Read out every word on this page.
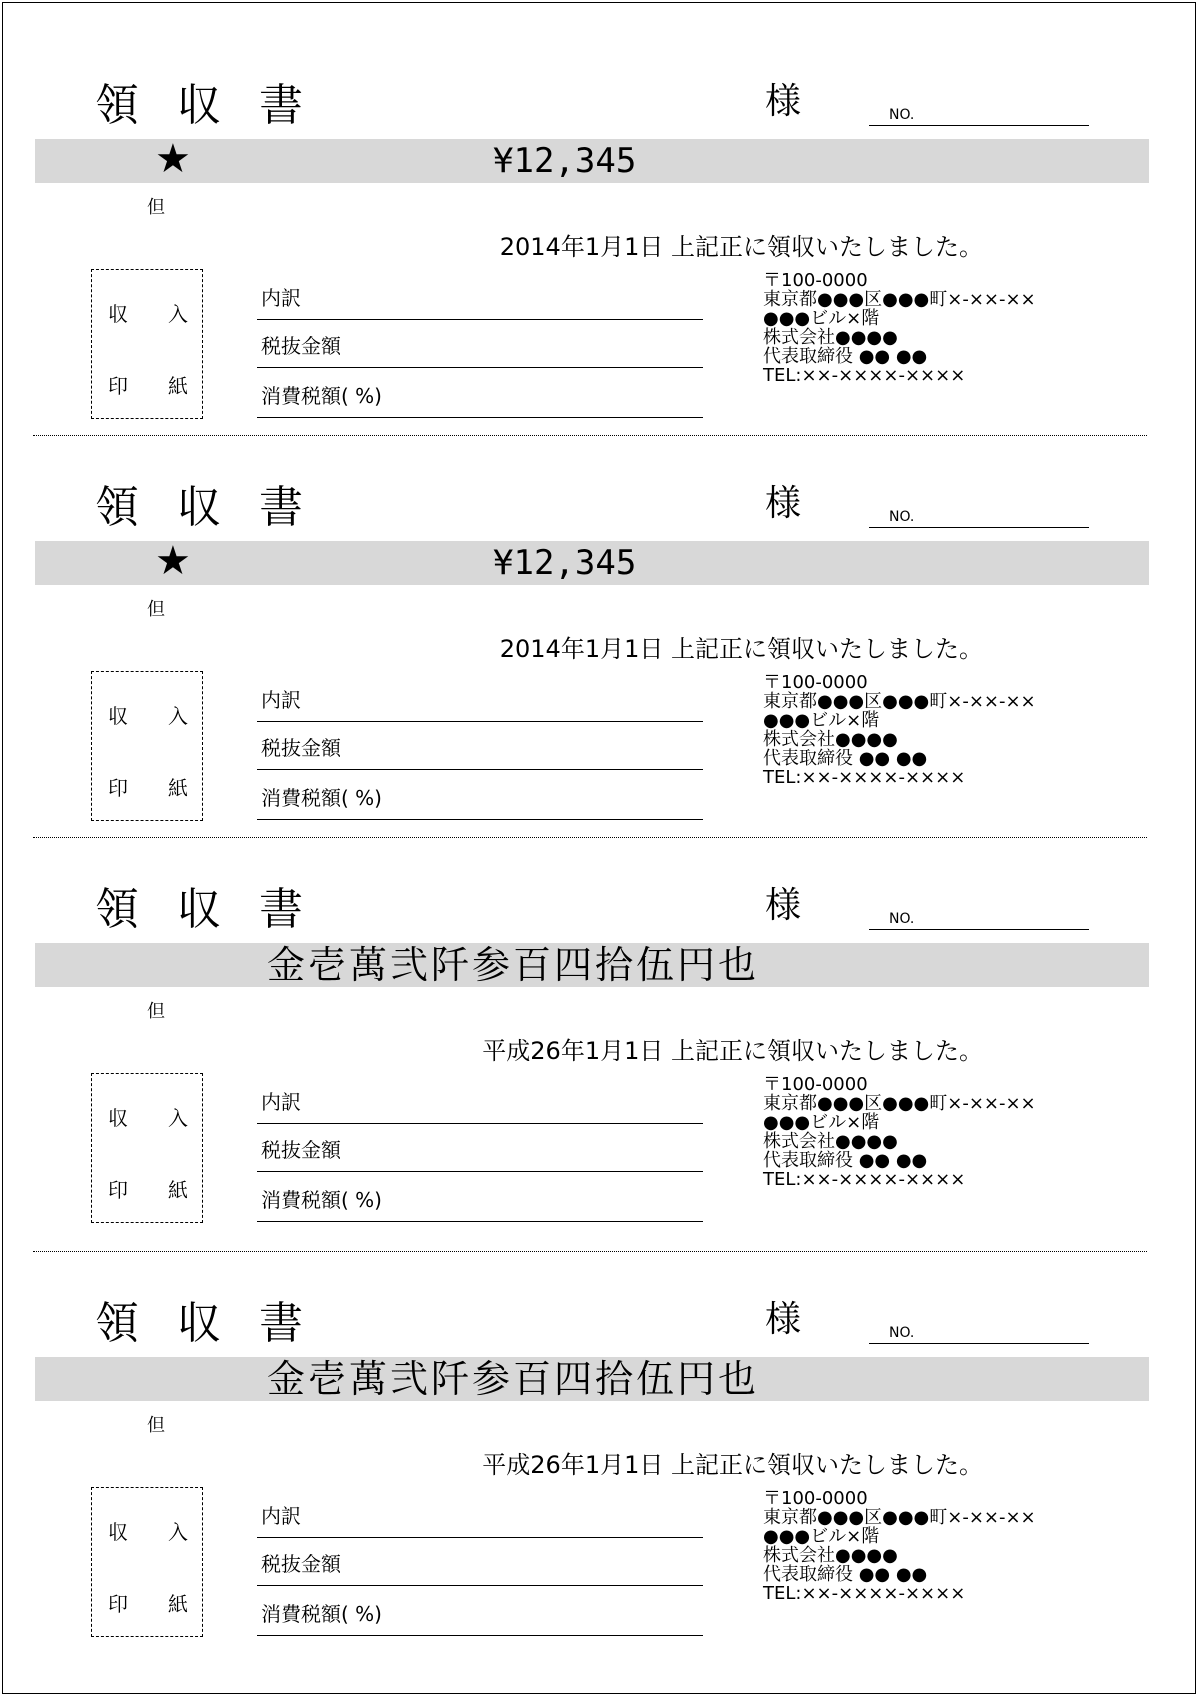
領 収 書	様	NO.
★	¥12,345
但
2014年1月1日 上記正に領収いたしました。
収 入
印 紙
内訳
税抜金額
消費税額( %)
〒100-0000
東京都●●●区●●●町×-××-××
●●●ビル×階
株式会社●●●●
代表取締役 ●● ●●
TEL:××-××××-××××
領 収 書	様	NO.
★	¥12,345
但
2014年1月1日 上記正に領収いたしました。
収 入
印 紙
内訳
税抜金額
消費税額( %)
〒100-0000
東京都●●●区●●●町×-××-××
●●●ビル×階
株式会社●●●●
代表取締役 ●● ●●
TEL:××-××××-××××
領 収 書	様	NO.
金壱萬弐阡参百四拾伍円也
但
平成26年1月1日 上記正に領収いたしました。
収 入
印 紙
内訳
税抜金額
消費税額( %)
〒100-0000
東京都●●●区●●●町×-××-××
●●●ビル×階
株式会社●●●●
代表取締役 ●● ●●
TEL:××-××××-××××
領 収 書	様	NO.
金壱萬弐阡参百四拾伍円也
但
平成26年1月1日 上記正に領収いたしました。
収 入
印 紙
内訳
税抜金額
消費税額( %)
〒100-0000
東京都●●●区●●●町×-××-××
●●●ビル×階
株式会社●●●●
代表取締役 ●● ●●
TEL:××-××××-××××
